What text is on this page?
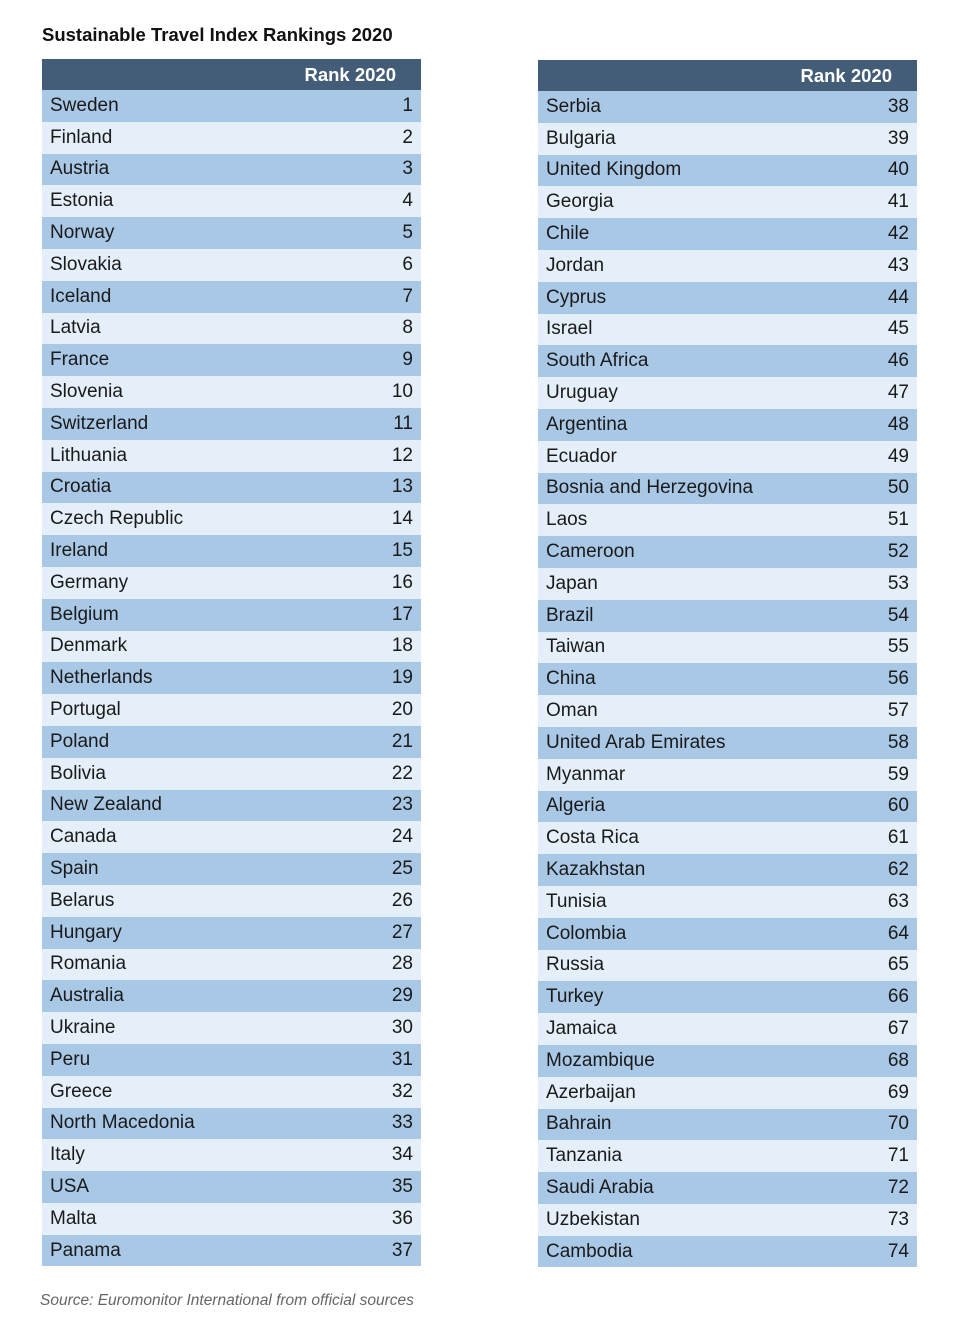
Sustainable Travel Index Rankings 2020
Rank 2020
Sweden	1
Finland	2
Austria	3
Estonia	4
Norway	5
Slovakia	6
Iceland	7
Latvia	8
France	9
Slovenia	10
Switzerland	11
Lithuania	12
Croatia	13
Czech Republic	14
Ireland	15
Germany	16
Belgium	17
Denmark	18
Netherlands	19
Portugal	20
Poland	21
Bolivia	22
New Zealand	23
Canada	24
Spain	25
Belarus	26
Hungary	27
Romania	28
Australia	29
Ukraine	30
Peru	31
Greece	32
North Macedonia	33
Italy	34
USA	35
Malta	36
Panama	37
Rank 2020
Serbia	38
Bulgaria	39
United Kingdom	40
Georgia	41
Chile	42
Jordan	43
Cyprus	44
Israel	45
South Africa	46
Uruguay	47
Argentina	48
Ecuador	49
Bosnia and Herzegovina	50
Laos	51
Cameroon	52
Japan	53
Brazil	54
Taiwan	55
China	56
Oman	57
United Arab Emirates	58
Myanmar	59
Algeria	60
Costa Rica	61
Kazakhstan	62
Tunisia	63
Colombia	64
Russia	65
Turkey	66
Jamaica	67
Mozambique	68
Azerbaijan	69
Bahrain	70
Tanzania	71
Saudi Arabia	72
Uzbekistan	73
Cambodia	74
Source: Euromonitor International from official sources
